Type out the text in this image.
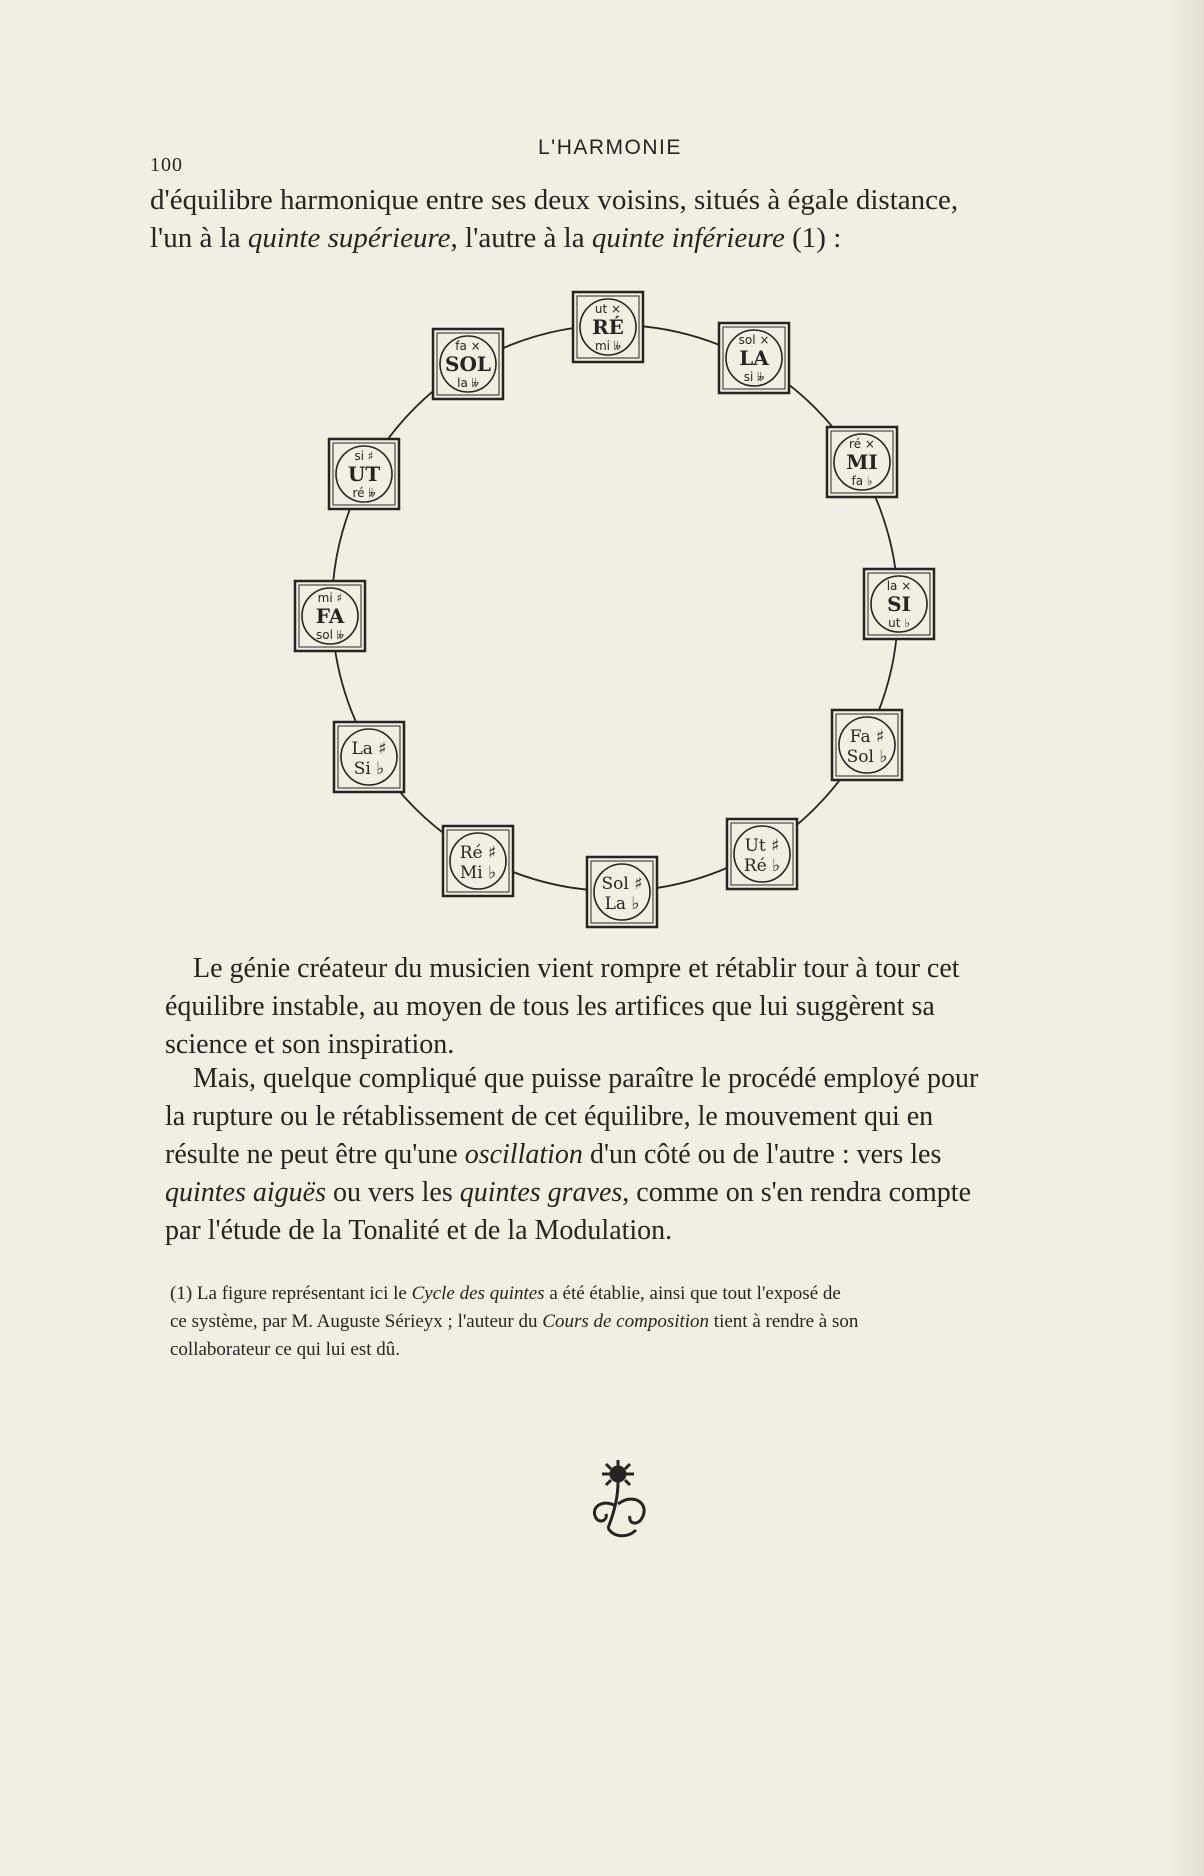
100
L'HARMONIE
d'équilibre harmonique entre ses deux voisins, situés à égale distance,
l'un à la quinte supérieure, l'autre à la quinte inférieure (1) :
ut ×
RÉ
mi 𝄫	sol ×
LA
si 𝄫
ré ×
MI
fa ♭
la ×
SI
ut ♭
Fa ♯
Sol ♭
Ut ♯
Ré ♭
Sol ♯
La ♭
Ré ♯
Mi ♭
La ♯
Si ♭
mi ♯
FA
sol 𝄫
si ♯
UT
ré 𝄫
fa ×
SOL
la 𝄫

Le génie créateur du musicien vient rompre et rétablir tour à tour cet

équilibre instable, au moyen de tous les artifices que lui suggèrent sa

science et son inspiration.

Mais, quelque compliqué que puisse paraître le procédé employé pour

la rupture ou le rétablissement de cet équilibre, le mouvement qui en

résulte ne peut être qu'une oscillation d'un côté ou de l'autre : vers les

quintes aiguës ou vers les quintes graves, comme on s'en rendra compte

par l'étude de la Tonalité et de la Modulation.

(1) La figure représentant ici le Cycle des quintes a été établie, ainsi que tout l'exposé de

ce système, par M. Auguste Sérieyx ; l'auteur du Cours de composition tient à rendre à son

collaborateur ce qui lui est dû.
